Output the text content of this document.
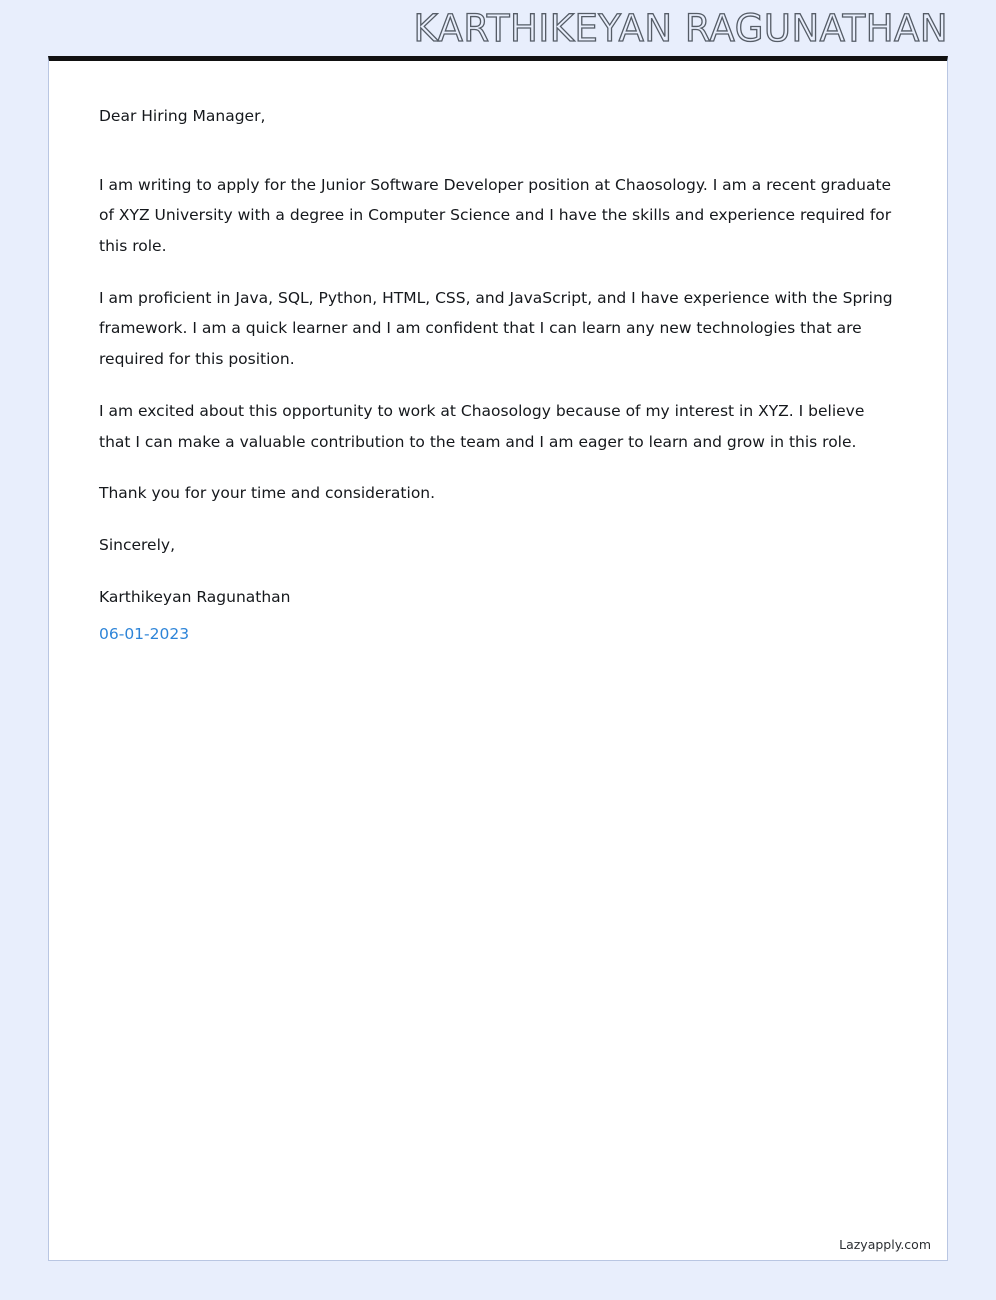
KARTHIKEYAN RAGUNATHAN

Dear Hiring Manager,

I am writing to apply for the Junior Software Developer position at Chaosology. I am a recent graduate of XYZ University with a degree in Computer Science and I have the skills and experience required for this role.

I am proficient in Java, SQL, Python, HTML, CSS, and JavaScript, and I have experience with the Spring framework. I am a quick learner and I am confident that I can learn any new technologies that are required for this position.

I am excited about this opportunity to work at Chaosology because of my interest in XYZ. I believe that I can make a valuable contribution to the team and I am eager to learn and grow in this role.

Thank you for your time and consideration.

Sincerely,

Karthikeyan Ragunathan

06-01-2023

Lazyapply.com
